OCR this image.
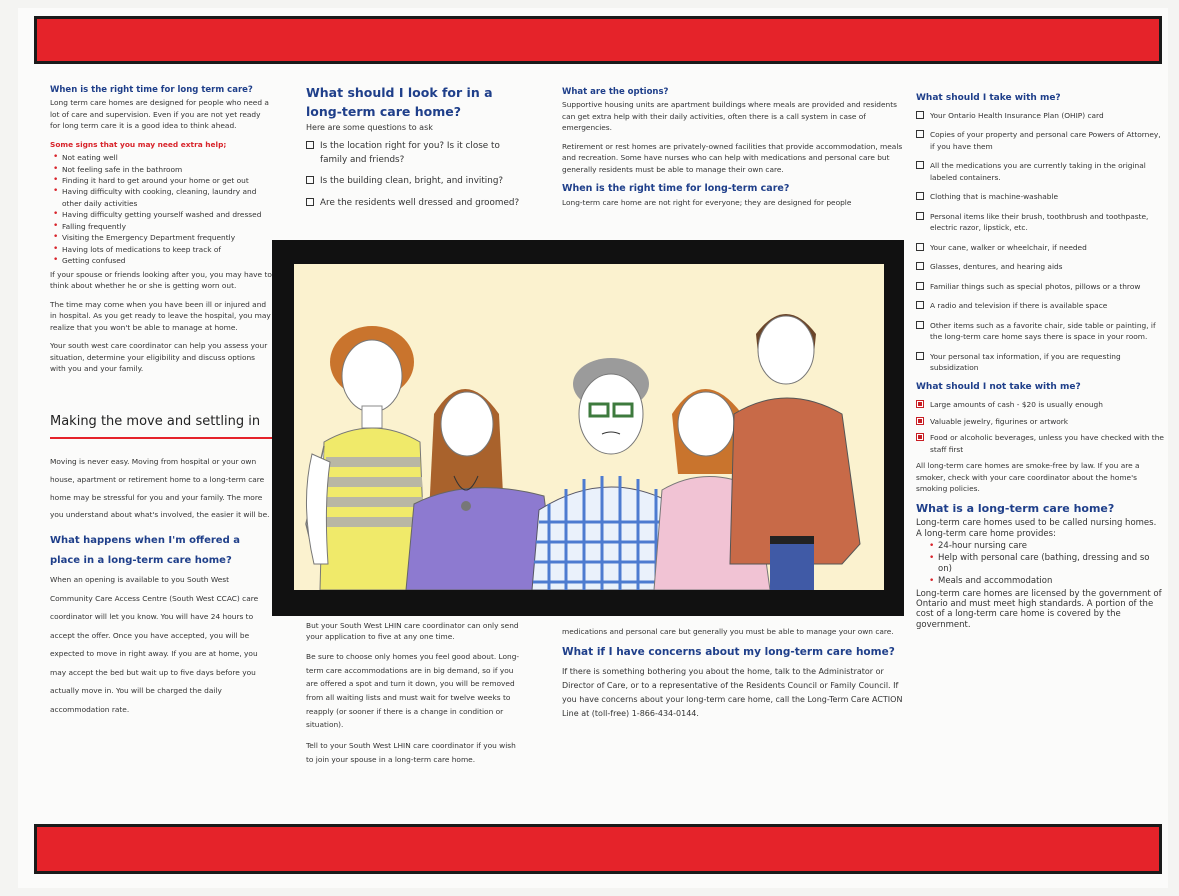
When is the right time for long term care?

Long term care homes are designed for people who need a lot of care and supervision. Even if you are not yet ready for long term care it is a good idea to think ahead.

Some signs that you may need extra help;
• Not eating well
• Not feeling safe in the bathroom
• Finding it hard to get around your home or get out
• Having difficulty with cooking, cleaning, laundry and other daily activities
• Having difficulty getting yourself washed and dressed
• Falling frequently
• Visiting the Emergency Department frequently
• Having lots of medications to keep track of
• Getting confused

If your spouse or friends looking after you, you may have to think about whether he or she is getting worn out.

The time may come when you have been ill or injured and in hospital. As you get ready to leave the hospital, you may realize that you won't be able to manage at home.

Your south west care coordinator can help you assess your situation, determine your eligibility and discuss options with you and your family.

Making the move and settling in

Moving is never easy. Moving from hospital or your own house, apartment or retirement home to a long-term care home may be stressful for you and your family. The more you understand about what's involved, the easier it will be.

What happens when I'm offered a place in a long-term care home?

When an opening is available to you South West Community Care Access Centre (South West CCAC) care coordinator will let you know. You will have 24 hours to accept the offer. Once you have accepted, you will be expected to move in right away. If you are at home, you may accept the bed but wait up to five days before you actually move in. You will be charged the daily accommodation rate.

What should I look for in a long-term care home?
Here are some questions to ask
Is the location right for you? Is it close to family and friends?
Is the building clean, bright, and inviting?
Are the residents well dressed and groomed?

But your South West LHIN care coordinator can only send your application to five at any one time.

Be sure to choose only homes you feel good about. Long-term care accommodations are in big demand, so if you are offered a spot and turn it down, you will be removed from all waiting lists and must wait for twelve weeks to reapply (or sooner if there is a change in condition or situation).

Tell to your South West LHIN care coordinator if you wish to join your spouse in a long-term care home.

What are the options?

Supportive housing units are apartment buildings where meals are provided and residents can get extra help with their daily activities, often there is a call system in case of emergencies.

Retirement or rest homes are privately-owned facilities that provide accommodation, meals and recreation. Some have nurses who can help with medications and personal care but generally residents must be able to manage their own care.

When is the right time for long-term care?
Long-term care home are not right for everyone; they are designed for people

medications and personal care but generally you must be able to manage your own care.

What if I have concerns about my long-term care home?

If there is something bothering you about the home, talk to the Administrator or Director of Care, or to a representative of the Residents Council or Family Council. If you have concerns about your long-term care home, call the Long-Term Care ACTION Line at (toll-free) 1-866-434-0144.

What should I take with me?
Your Ontario Health Insurance Plan (OHIP) card
Copies of your property and personal care Powers of Attorney, if you have them
All the medications you are currently taking in the original labeled containers.
Clothing that is machine-washable
Personal items like their brush, toothbrush and toothpaste, electric razor, lipstick, etc.
Your cane, walker or wheelchair, if needed
Glasses, dentures, and hearing aids
Familiar things such as special photos, pillows or a throw
A radio and television if there is available space
Other items such as a favorite chair, side table or painting, if the long-term care home says there is space in your room.
Your personal tax information, if you are requesting subsidization
What should I not take with me?
Large amounts of cash - $20 is usually enough
Valuable jewelry, figurines or artwork
Food or alcoholic beverages, unless you have checked with the staff first

All long-term care homes are smoke-free by law. If you are a smoker, check with your care coordinator about the home's smoking policies.

What is a long-term care home?

Long-term care homes used to be called nursing homes. A long-term care home provides:

• 24-hour nursing care
• Help with personal care (bathing, dressing and so on)
• Meals and accommodation

Long-term care homes are licensed by the government of Ontario and must meet high standards. A portion of the cost of a long-term care home is covered by the government.
